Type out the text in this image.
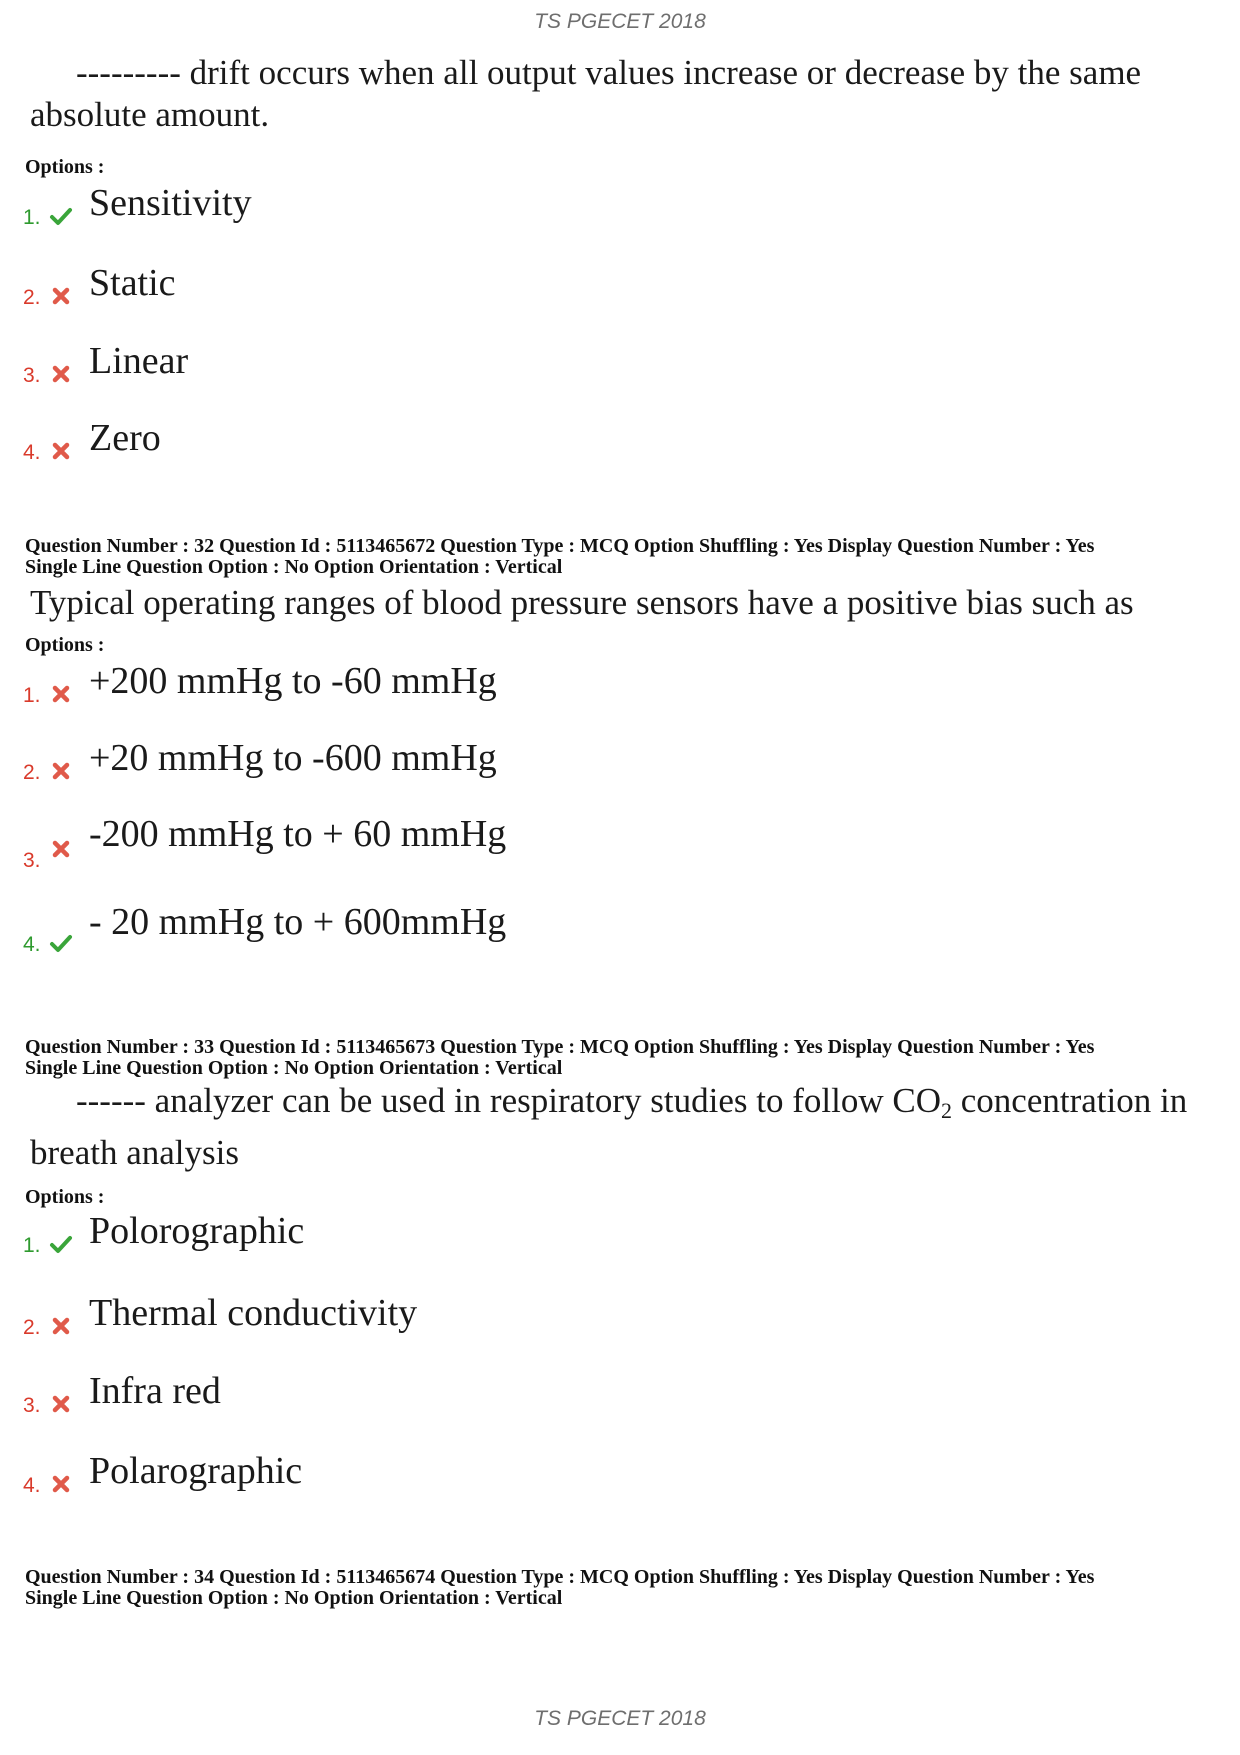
TS PGECET 2018
--------- drift occurs when all output values increase or decrease by the same
absolute amount.
Options :
1. Sensitivity
2. Static
3. Linear
4. Zero
Question Number : 32 Question Id : 5113465672 Question Type : MCQ Option Shuffling : Yes Display Question Number : Yes
Single Line Question Option : No Option Orientation : Vertical
Typical operating ranges of blood pressure sensors have a positive bias such as
Options :
1. +200 mmHg to -60 mmHg
2. +20 mmHg to -600 mmHg
3.
-200 mmHg to + 60 mmHg
4.
- 20 mmHg to + 600mmHg
Question Number : 33 Question Id : 5113465673 Question Type : MCQ Option Shuffling : Yes Display Question Number : Yes
Single Line Question Option : No Option Orientation : Vertical
------ analyzer can be used in respiratory studies to follow $CO_2$ concentration in
breath analysis
Options :
1. Polorographic
2. Thermal conductivity
3. Infra red
4. Polarographic
Question Number : 34 Question Id : 5113465674 Question Type : MCQ Option Shuffling : Yes Display Question Number : Yes
Single Line Question Option : No Option Orientation : Vertical
TS PGECET 2018
